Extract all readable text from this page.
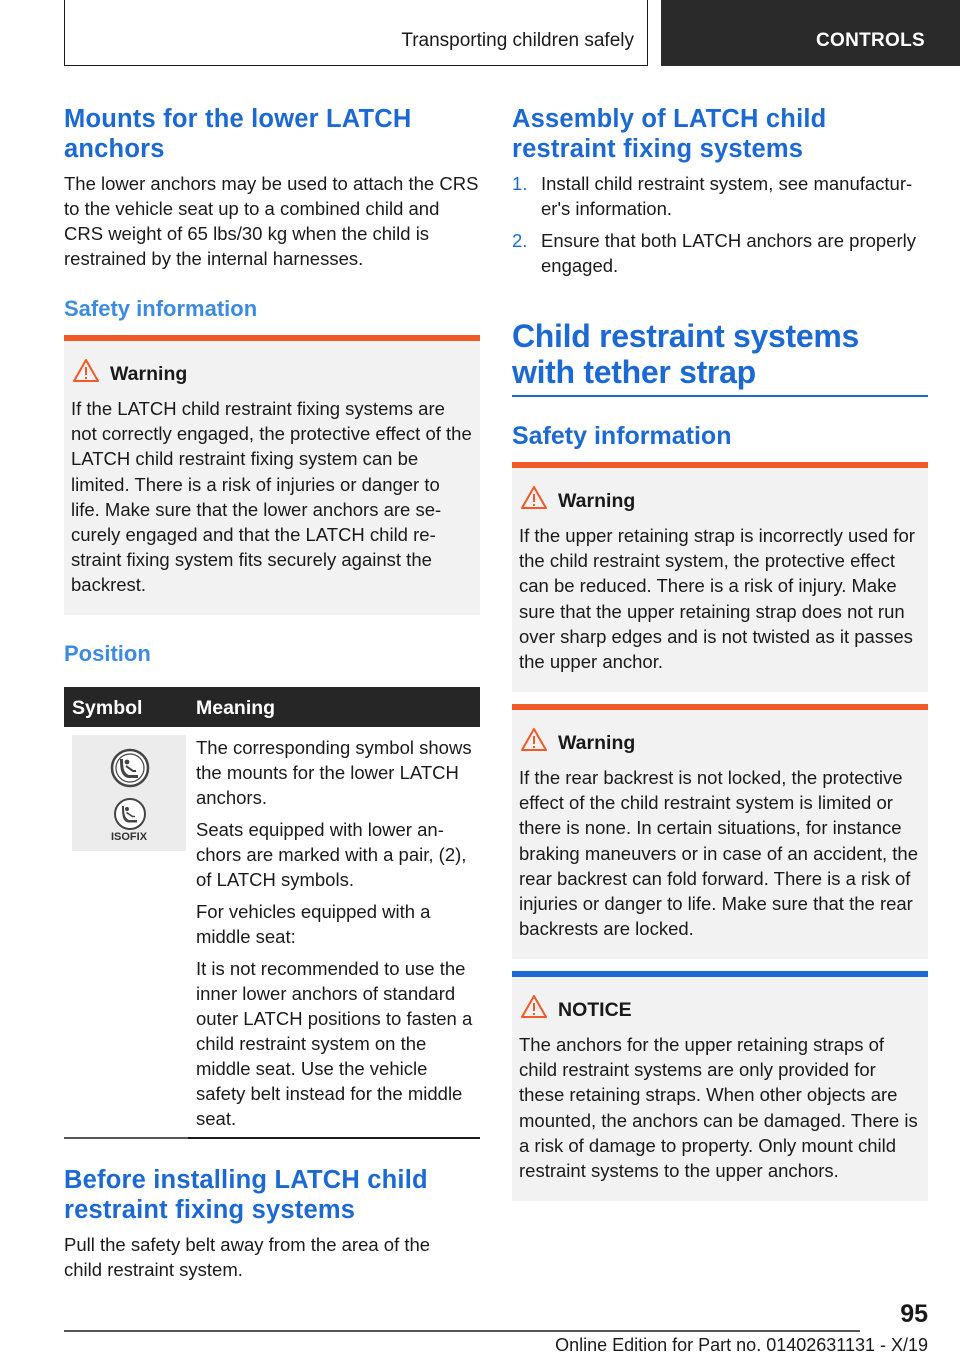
Transporting children safely	CONTROLS
Mounts for the lower LATCH anchors
The lower anchors may be used to attach the CRS to the vehicle seat up to a combined child and CRS weight of 65 lbs/30 kg when the child is restrained by the internal harnesses.
Safety information
Warning
If the LATCH child restraint fixing systems are not correctly engaged, the protective effect of the LATCH child restraint fixing system can be limited. There is a risk of injuries or danger to life. Make sure that the lower anchors are securely engaged and that the LATCH child restraint fixing system fits securely against the backrest.
Position
Symbol	Meaning
ISOFIX

The corresponding symbol shows the mounts for the lower LATCH anchors.

Seats equipped with lower anchors are marked with a pair, (2), of LATCH symbols.

For vehicles equipped with a middle seat:

It is not recommended to use the inner lower anchors of standard outer LATCH positions to fasten a child restraint system on the middle seat. Use the vehicle safety belt instead for the middle seat.

Before installing LATCH child restraint fixing systems
Pull the safety belt away from the area of the child restraint system.
Assembly of LATCH child restraint fixing systems
1. Install child restraint system, see manufacturer's information.
2. Ensure that both LATCH anchors are properly engaged.
Child restraint systems with tether strap
Safety information
Warning
If the upper retaining strap is incorrectly used for the child restraint system, the protective effect can be reduced. There is a risk of injury. Make sure that the upper retaining strap does not run over sharp edges and is not twisted as it passes the upper anchor.
Warning
If the rear backrest is not locked, the protective effect of the child restraint system is limited or there is none. In certain situations, for instance braking maneuvers or in case of an accident, the rear backrest can fold forward. There is a risk of injuries or danger to life. Make sure that the rear backrests are locked.
NOTICE
The anchors for the upper retaining straps of child restraint systems are only provided for these retaining straps. When other objects are mounted, the anchors can be damaged. There is a risk of damage to property. Only mount child restraint systems to the upper anchors.
95
Online Edition for Part no. 01402631131 - X/19
